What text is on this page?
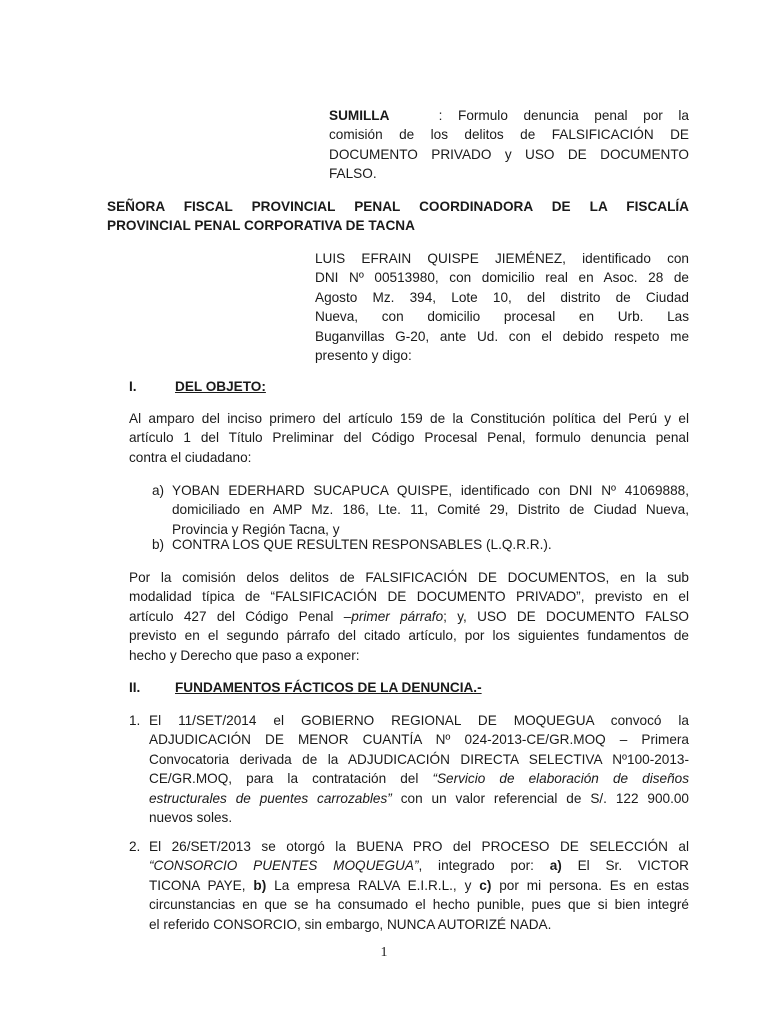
SUMILLA	: Formulo denuncia penal por la
comisión de los delitos de FALSIFICACIÓN DE
DOCUMENTO PRIVADO y USO DE DOCUMENTO
FALSO.
SEÑORA FISCAL PROVINCIAL PENAL COORDINADORA DE LA FISCALÍA
PROVINCIAL PENAL CORPORATIVA DE TACNA
LUIS EFRAIN QUISPE JIEMÉNEZ, identificado con
DNI Nº 00513980, con domicilio real en Asoc. 28 de
Agosto Mz. 394, Lote 10, del distrito de Ciudad
Nueva, con domicilio procesal en Urb. Las
Buganvillas G-20, ante Ud. con el debido respeto me
presento y digo:
I.	DEL OBJETO:
Al amparo del inciso primero del artículo 159 de la Constitución política del Perú y el
artículo 1 del Título Preliminar del Código Procesal Penal, formulo denuncia penal
contra el ciudadano:
a) YOBAN EDERHARD SUCAPUCA QUISPE, identificado con DNI Nº 41069888,
domiciliado en AMP Mz. 186, Lte. 11, Comité 29, Distrito de Ciudad Nueva,
Provincia y Región Tacna, y
b) CONTRA LOS QUE RESULTEN RESPONSABLES (L.Q.R.R.).
Por la comisión delos delitos de FALSIFICACIÓN DE DOCUMENTOS, en la sub
modalidad típica de “FALSIFICACIÓN DE DOCUMENTO PRIVADO”, previsto en el
artículo 427 del Código Penal –primer párrafo; y, USO DE DOCUMENTO FALSO
previsto en el segundo párrafo del citado artículo, por los siguientes fundamentos de
hecho y Derecho que paso a exponer:
II.	FUNDAMENTOS FÁCTICOS DE LA DENUNCIA.-
1. El 11/SET/2014 el GOBIERNO REGIONAL DE MOQUEGUA convocó la
ADJUDICACIÓN DE MENOR CUANTÍA Nº 024-2013-CE/GR.MOQ – Primera
Convocatoria derivada de la ADJUDICACIÓN DIRECTA SELECTIVA Nº100-2013-
CE/GR.MOQ, para la contratación del “Servicio de elaboración de diseños
estructurales de puentes carrozables” con un valor referencial de S/. 122 900.00
nuevos soles.
2. El 26/SET/2013 se otorgó la BUENA PRO del PROCESO DE SELECCIÓN al
“CONSORCIO PUENTES MOQUEGUA”, integrado por: a) El Sr. VICTOR
TICONA PAYE, b) La empresa RALVA E.I.R.L., y c) por mi persona. Es en estas
circunstancias en que se ha consumado el hecho punible, pues que si bien integré
el referido CONSORCIO, sin embargo, NUNCA AUTORIZÉ NADA.
1
